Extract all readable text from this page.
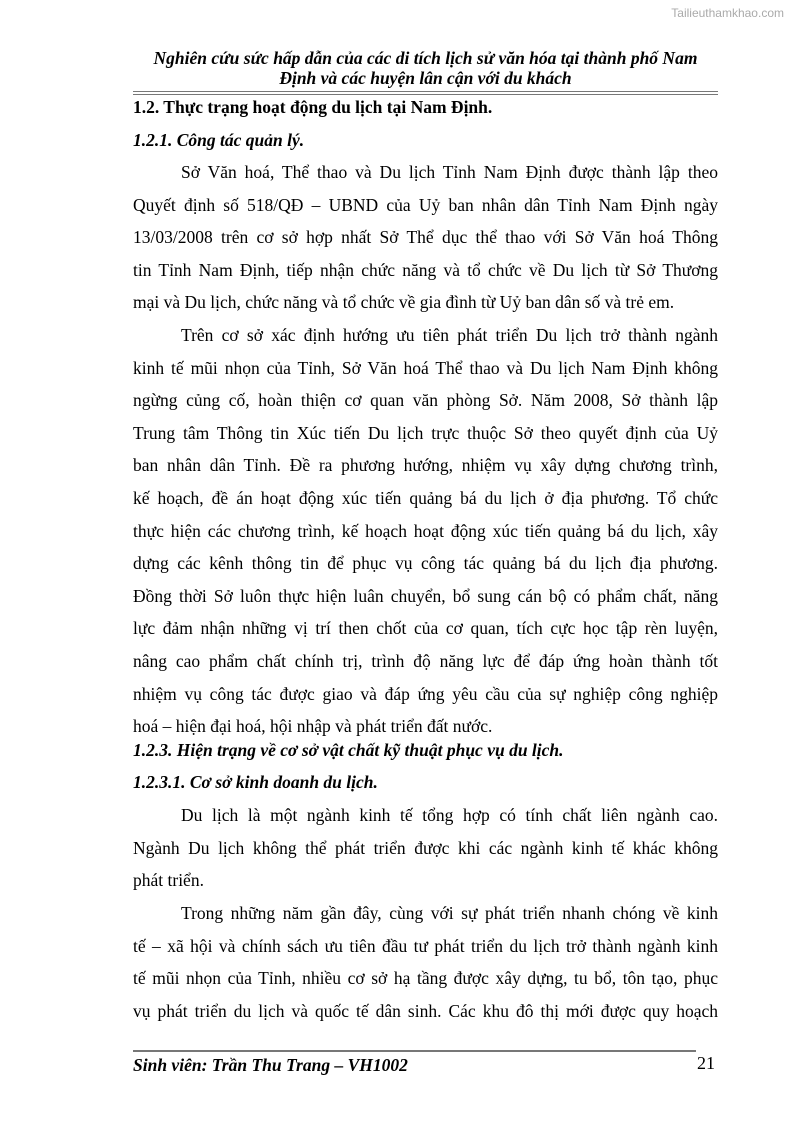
Tailieuthamkhao.com
Nghiên cứu sức hấp dẫn của các di tích lịch sử văn hóa tại thành phố Nam
Định và các huyện lân cận với du khách
1.2. Thực trạng hoạt động du lịch tại Nam Định.
1.2.1. Công tác quản lý.
Sở Văn hoá, Thể thao và Du lịch Tỉnh Nam Định được thành lập theo
Quyết định số 518/QĐ – UBND của Uỷ ban nhân dân Tỉnh Nam Định ngày
13/03/2008 trên cơ sở hợp nhất Sở Thể dục thể thao với Sở Văn hoá Thông
tin Tỉnh Nam Định, tiếp nhận chức năng và tổ chức về Du lịch từ Sở Thương
mại và Du lịch, chức năng và tổ chức về gia đình từ Uỷ ban dân số và trẻ em.
Trên cơ sở xác định hướng ưu tiên phát triển Du lịch trở thành ngành
kinh tế mũi nhọn của Tỉnh, Sở Văn hoá Thể thao và Du lịch Nam Định không
ngừng củng cố, hoàn thiện cơ quan văn phòng Sở. Năm 2008, Sở thành lập
Trung tâm Thông tin Xúc tiến Du lịch trực thuộc Sở theo quyết định của Uỷ
ban nhân dân Tỉnh. Đề ra phương hướng, nhiệm vụ xây dựng chương trình,
kế hoạch, đề án hoạt động xúc tiến quảng bá du lịch ở địa phương. Tổ chức
thực hiện các chương trình, kế hoạch hoạt động xúc tiến quảng bá du lịch, xây
dựng các kênh thông tin để phục vụ công tác quảng bá du lịch địa phương.
Đồng thời Sở luôn thực hiện luân chuyển, bổ sung cán bộ có phẩm chất, năng
lực đảm nhận những vị trí then chốt của cơ quan, tích cực học tập rèn luyện,
nâng cao phẩm chất chính trị, trình độ năng lực để đáp ứng hoàn thành tốt
nhiệm vụ công tác được giao và đáp ứng yêu cầu của sự nghiệp công nghiệp
hoá – hiện đại hoá, hội nhập và phát triển đất nước.
1.2.3. Hiện trạng về cơ sở vật chất kỹ thuật phục vụ du lịch.
1.2.3.1. Cơ sở kinh doanh du lịch.
Du lịch là một ngành kinh tế tổng hợp có tính chất liên ngành cao.
Ngành Du lịch không thể phát triển được khi các ngành kinh tế khác không
phát triển.
Trong những năm gần đây, cùng với sự phát triển nhanh chóng về kinh
tế – xã hội và chính sách ưu tiên đầu tư phát triển du lịch trở thành ngành kinh
tế mũi nhọn của Tỉnh, nhiều cơ sở hạ tầng được xây dựng, tu bổ, tôn tạo, phục
vụ phát triển du lịch và quốc tế dân sinh. Các khu đô thị mới được quy hoạch
Sinh viên: Trần Thu Trang – VH1002	21
